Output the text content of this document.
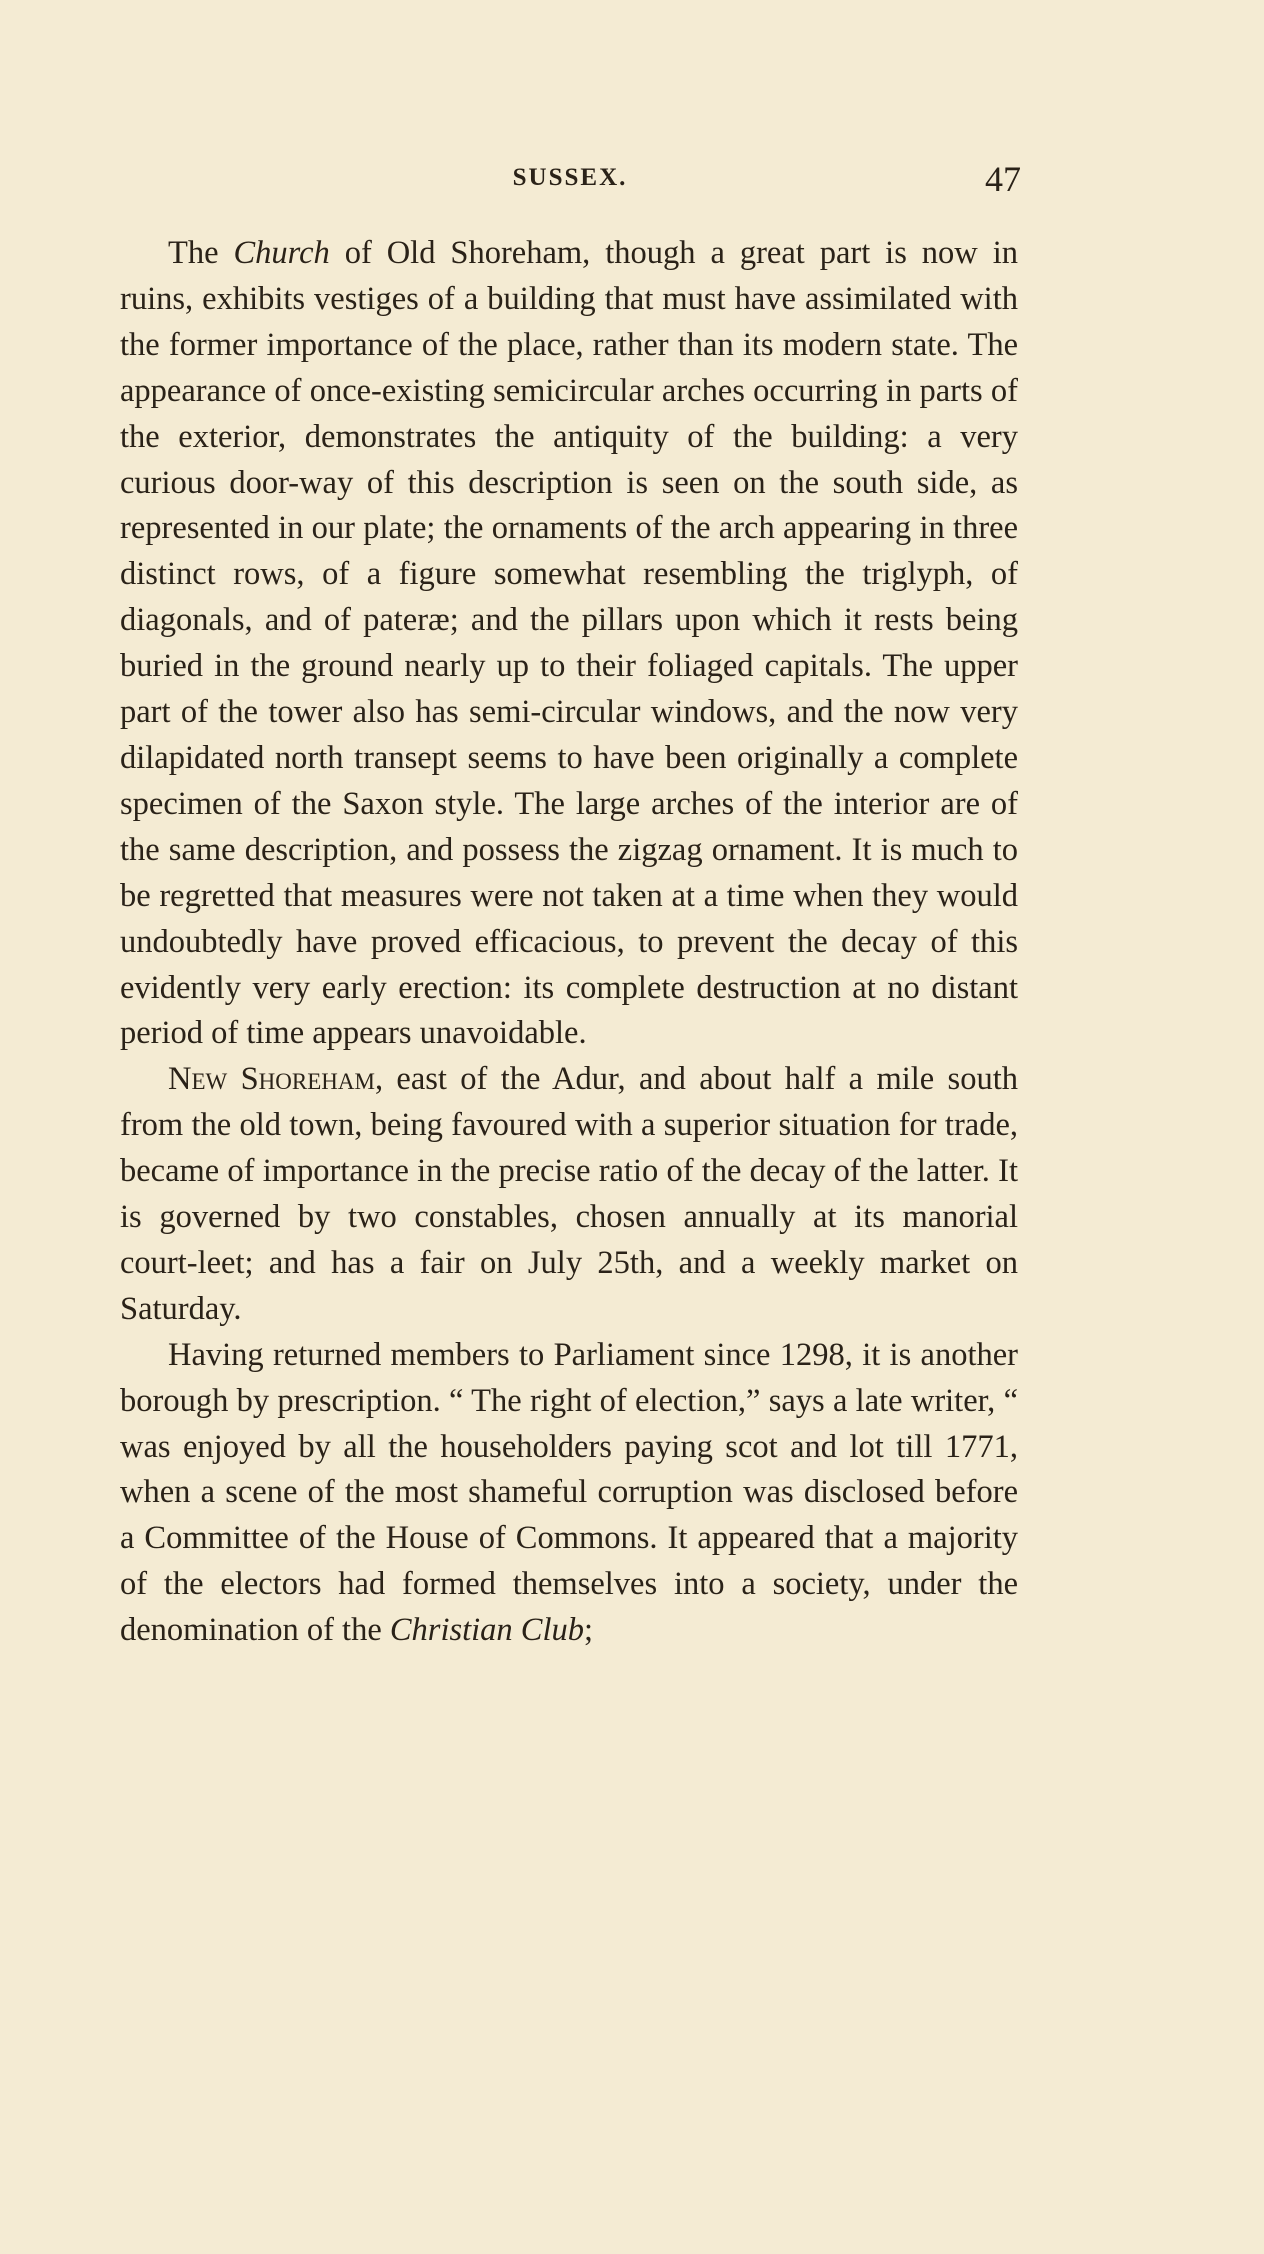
SUSSEX.	47

The Church of Old Shoreham, though a great part is now in ruins, exhibits vestiges of a building that must have assimilated with the former importance of the place, rather than its modern state. The appearance of once-existing semicircular arches occurring in parts of the exterior, demonstrates the antiquity of the building: a very curious door-way of this description is seen on the south side, as represented in our plate; the ornaments of the arch appearing in three distinct rows, of a figure somewhat resembling the triglyph, of diagonals, and of pateræ; and the pillars upon which it rests being buried in the ground nearly up to their foliaged capitals. The upper part of the tower also has semi-circular windows, and the now very dilapidated north transept seems to have been originally a complete specimen of the Saxon style. The large arches of the interior are of the same description, and possess the zigzag ornament. It is much to be regretted that measures were not taken at a time when they would undoubtedly have proved efficacious, to prevent the decay of this evidently very early erection: its complete destruction at no distant period of time appears unavoidable.

New Shoreham, east of the Adur, and about half a mile south from the old town, being favoured with a superior situation for trade, became of importance in the precise ratio of the decay of the latter. It is governed by two constables, chosen annually at its manorial court-leet; and has a fair on July 25th, and a weekly market on Saturday.

Having returned members to Parliament since 1298, it is another borough by prescription. “ The right of election,” says a late writer, “ was enjoyed by all the householders paying scot and lot till 1771, when a scene of the most shameful corruption was disclosed before a Committee of the House of Commons. It appeared that a majority of the electors had formed themselves into a society, under the denomination of the Christian Club;
